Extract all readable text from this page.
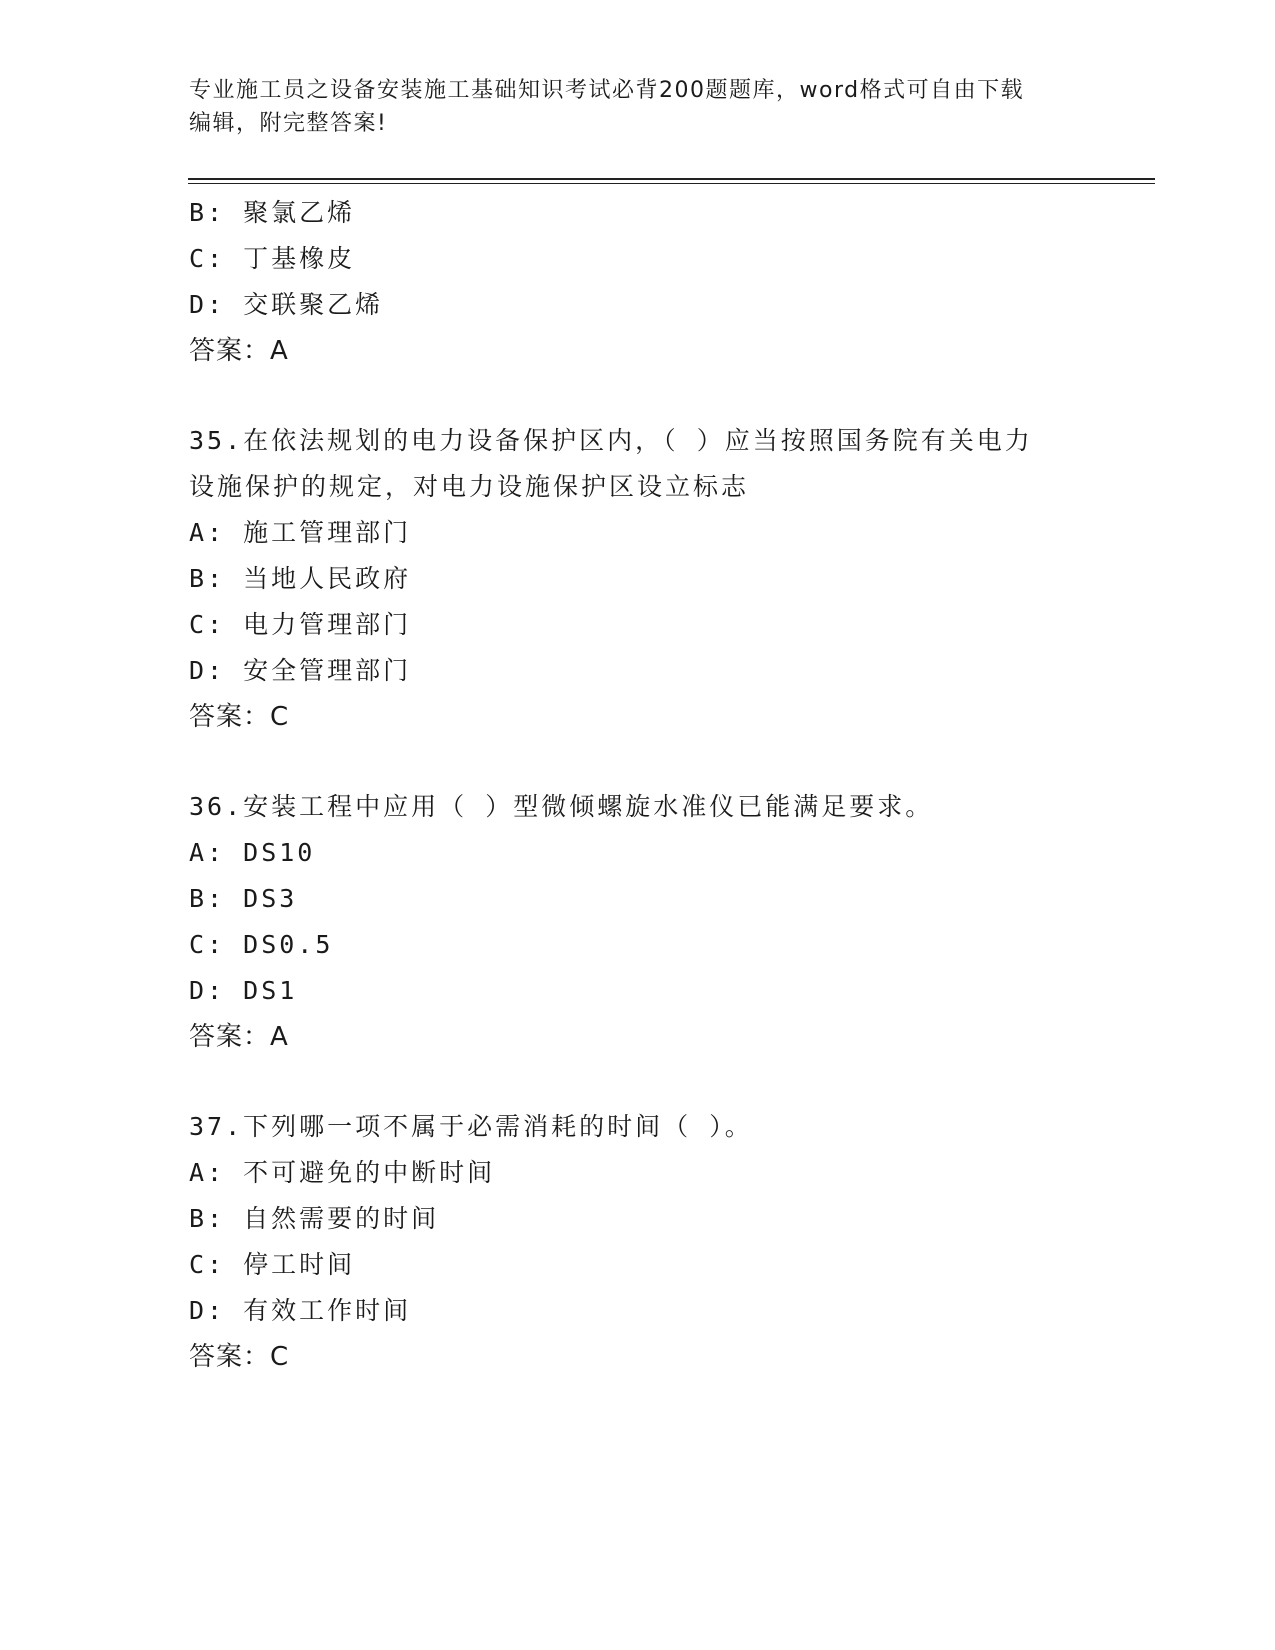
专业施工员之设备安装施工基础知识考试必背200题题库，word格式可自由下载
编辑，附完整答案!
B: 聚氯乙烯
C: 丁基橡皮
D: 交联聚乙烯
答案：A
35.在依法规划的电力设备保护区内，（ ）应当按照国务院有关电力
设施保护的规定，对电力设施保护区设立标志
A: 施工管理部门
B: 当地人民政府
C: 电力管理部门
D: 安全管理部门
答案：C
36.安装工程中应用（ ）型微倾螺旋水准仪已能满足要求。
A: DS10
B: DS3
C: DS0.5
D: DS1
答案：A
37.下列哪一项不属于必需消耗的时间（ ）。
A: 不可避免的中断时间
B: 自然需要的时间
C: 停工时间
D: 有效工作时间
答案：C
